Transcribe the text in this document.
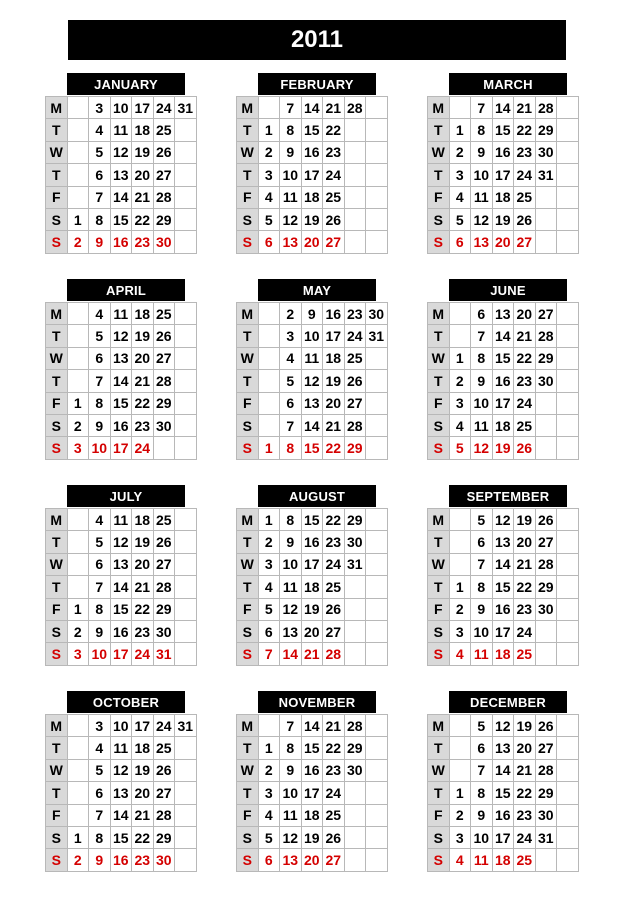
2011
JANUARY
M		3	10	17	24	31
T		4	11	18	25	
W		5	12	19	26	
T		6	13	20	27	
F		7	14	21	28	
S	1	8	15	22	29	
S	2	9	16	23	30	
FEBRUARY
M		7	14	21	28	
T	1	8	15	22		
W	2	9	16	23		
T	3	10	17	24		
F	4	11	18	25		
S	5	12	19	26		
S	6	13	20	27		
MARCH
M		7	14	21	28	
T	1	8	15	22	29	
W	2	9	16	23	30	
T	3	10	17	24	31	
F	4	11	18	25		
S	5	12	19	26		
S	6	13	20	27		
APRIL
M		4	11	18	25	
T		5	12	19	26	
W		6	13	20	27	
T		7	14	21	28	
F	1	8	15	22	29	
S	2	9	16	23	30	
S	3	10	17	24		
MAY
M		2	9	16	23	30
T		3	10	17	24	31
W		4	11	18	25	
T		5	12	19	26	
F		6	13	20	27	
S		7	14	21	28	
S	1	8	15	22	29	
JUNE
M		6	13	20	27	
T		7	14	21	28	
W	1	8	15	22	29	
T	2	9	16	23	30	
F	3	10	17	24		
S	4	11	18	25		
S	5	12	19	26		
JULY
M		4	11	18	25	
T		5	12	19	26	
W		6	13	20	27	
T		7	14	21	28	
F	1	8	15	22	29	
S	2	9	16	23	30	
S	3	10	17	24	31	
AUGUST
M	1	8	15	22	29	
T	2	9	16	23	30	
W	3	10	17	24	31	
T	4	11	18	25		
F	5	12	19	26		
S	6	13	20	27		
S	7	14	21	28		
SEPTEMBER
M		5	12	19	26	
T		6	13	20	27	
W		7	14	21	28	
T	1	8	15	22	29	
F	2	9	16	23	30	
S	3	10	17	24		
S	4	11	18	25		
OCTOBER
M		3	10	17	24	31
T		4	11	18	25	
W		5	12	19	26	
T		6	13	20	27	
F		7	14	21	28	
S	1	8	15	22	29	
S	2	9	16	23	30	
NOVEMBER
M		7	14	21	28	
T	1	8	15	22	29	
W	2	9	16	23	30	
T	3	10	17	24		
F	4	11	18	25		
S	5	12	19	26		
S	6	13	20	27		
DECEMBER
M		5	12	19	26	
T		6	13	20	27	
W		7	14	21	28	
T	1	8	15	22	29	
F	2	9	16	23	30	
S	3	10	17	24	31	
S	4	11	18	25		
